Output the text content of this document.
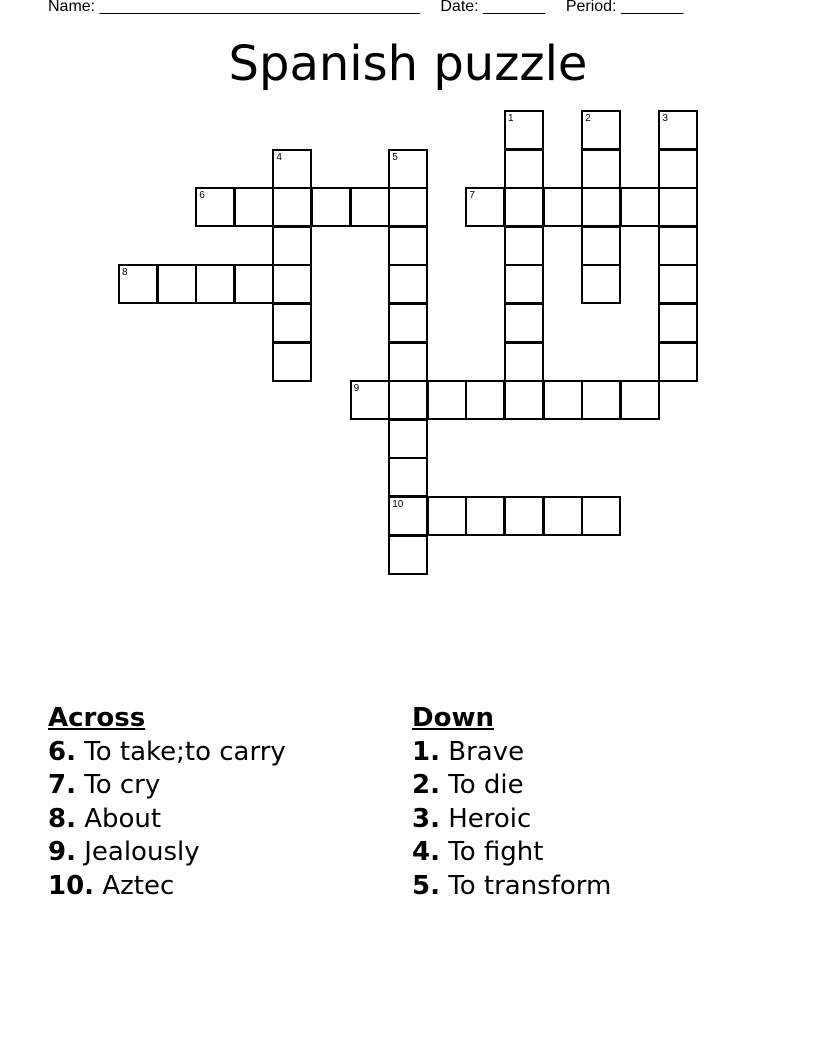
Name: ____________________________________ Date: _______ Period: _______
Spanish puzzle
1	2	3
4	5
6	7
8
9
10
Across
6. To take;to carry
7. To cry
8. About
9. Jealously
10. Aztec
Down
1. Brave
2. To die
3. Heroic
4. To fight
5. To transform
